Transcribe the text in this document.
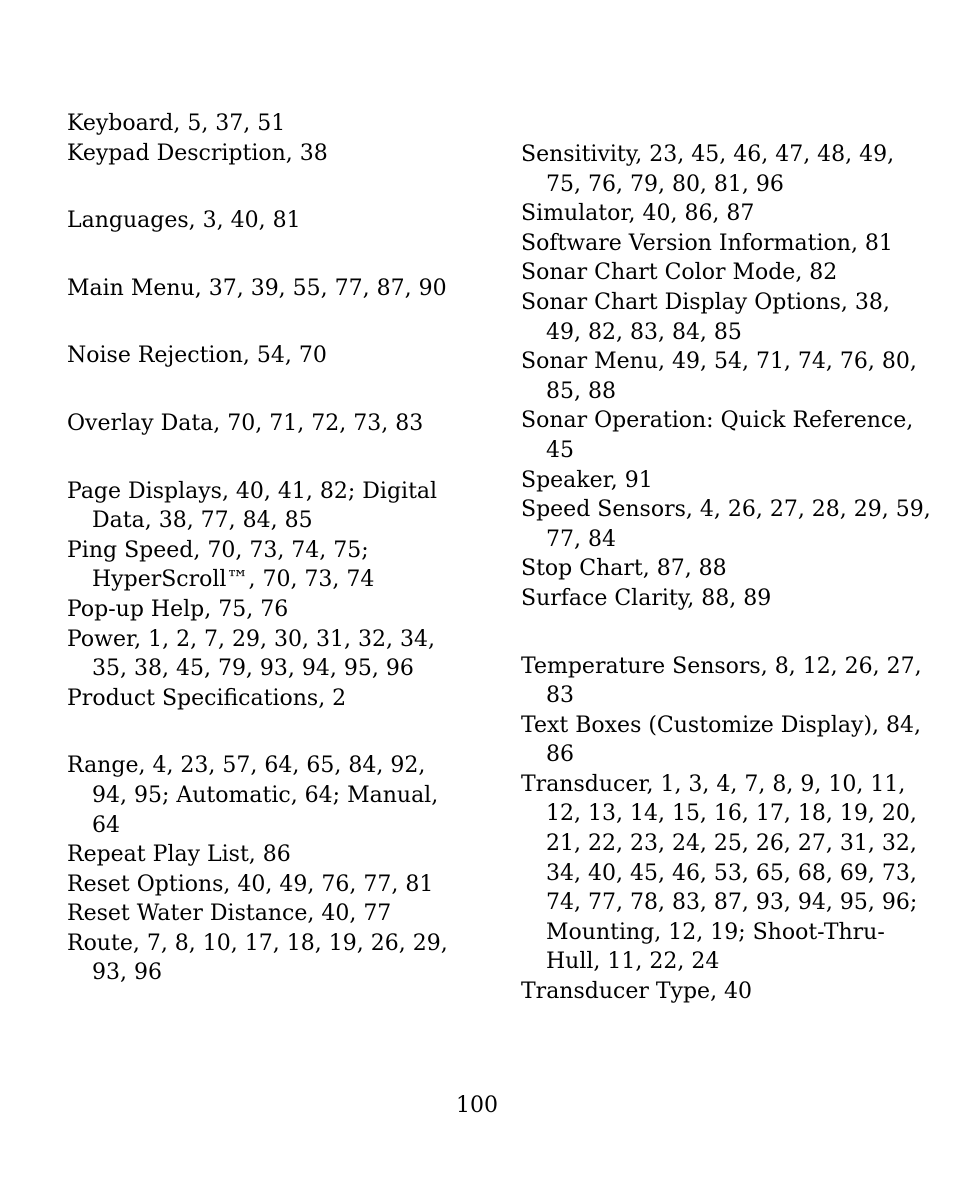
Keyboard, 5, 37, 51
Keypad Description, 38
Languages, 3, 40, 81
Main Menu, 37, 39, 55, 77, 87, 90
Noise Rejection, 54, 70
Overlay Data, 70, 71, 72, 73, 83
Page Displays, 40, 41, 82; Digital Data, 38, 77, 84, 85
Ping Speed, 70, 73, 74, 75; HyperScroll™, 70, 73, 74
Pop-up Help, 75, 76
Power, 1, 2, 7, 29, 30, 31, 32, 34, 35, 38, 45, 79, 93, 94, 95, 96
Product Specifications, 2
Range, 4, 23, 57, 64, 65, 84, 92, 94, 95; Automatic, 64; Manual, 64
Repeat Play List, 86
Reset Options, 40, 49, 76, 77, 81
Reset Water Distance, 40, 77
Route, 7, 8, 10, 17, 18, 19, 26, 29, 93, 96
Sensitivity, 23, 45, 46, 47, 48, 49, 75, 76, 79, 80, 81, 96
Simulator, 40, 86, 87
Software Version Information, 81
Sonar Chart Color Mode, 82
Sonar Chart Display Options, 38, 49, 82, 83, 84, 85
Sonar Menu, 49, 54, 71, 74, 76, 80, 85, 88
Sonar Operation: Quick Reference, 45
Speaker, 91
Speed Sensors, 4, 26, 27, 28, 29, 59, 77, 84
Stop Chart, 87, 88
Surface Clarity, 88, 89
Temperature Sensors, 8, 12, 26, 27, 83
Text Boxes (Customize Display), 84, 86
Transducer, 1, 3, 4, 7, 8, 9, 10, 11, 12, 13, 14, 15, 16, 17, 18, 19, 20, 21, 22, 23, 24, 25, 26, 27, 31, 32, 34, 40, 45, 46, 53, 65, 68, 69, 73, 74, 77, 78, 83, 87, 93, 94, 95, 96; Mounting, 12, 19; Shoot-Thru-Hull, 11, 22, 24
Transducer Type, 40
100
